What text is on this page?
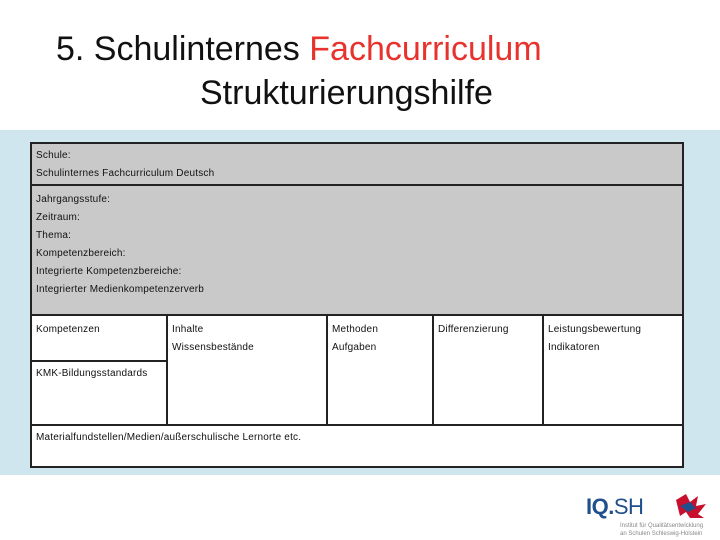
5. Schulinternes Fachcurriculum
Strukturierungshilfe
Schule:
Schulinternes Fachcurriculum Deutsch
Jahrgangsstufe:
Zeitraum:
Thema:
Kompetenzbereich:
Integrierte Kompetenzbereiche:
Integrierter Medienkompetenzerverb
Kompetenzen	Inhalte
Wissensbestände
Methoden
Aufgaben
Differenzierung	Leistungsbewertung
Indikatoren
KMK-Bildungsstandards
Materialfundstellen/Medien/außerschulische Lernorte etc.
IQ.SH
Institut für Qualitätsentwicklung
an Schulen Schleswig-Holstein
